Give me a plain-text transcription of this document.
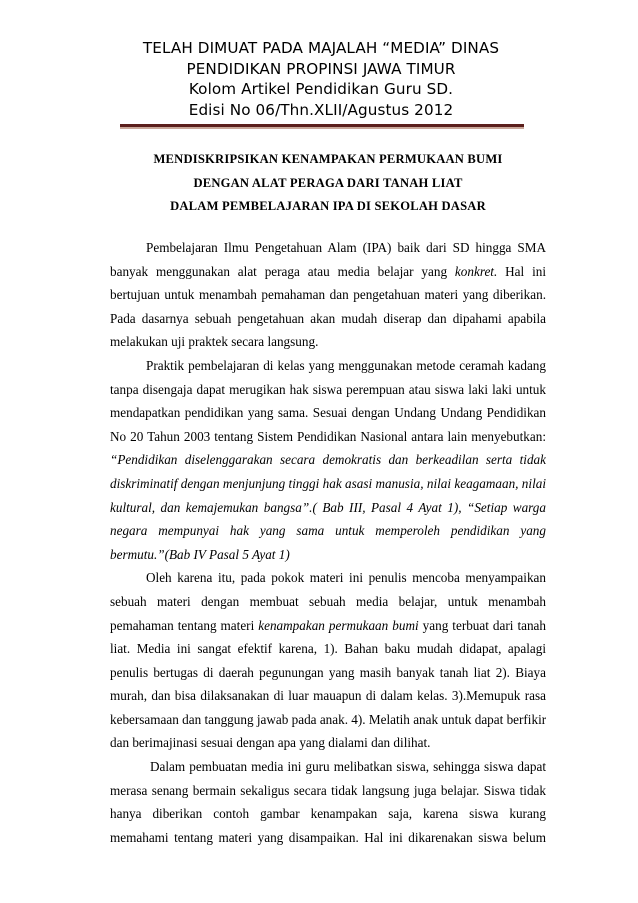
TELAH DIMUAT PADA MAJALAH “MEDIA” DINAS
PENDIDIKAN PROPINSI JAWA TIMUR
Kolom Artikel Pendidikan Guru SD.
Edisi No 06/Thn.XLII/Agustus 2012
MENDISKRIPSIKAN KENAMPAKAN PERMUKAAN BUMI
DENGAN ALAT PERAGA DARI TANAH LIAT
DALAM PEMBELAJARAN IPA DI SEKOLAH DASAR
Pembelajaran Ilmu Pengetahuan Alam (IPA) baik dari SD hingga SMA
banyak menggunakan alat peraga atau media belajar yang konkret. Hal ini
bertujuan untuk menambah pemahaman dan pengetahuan materi yang diberikan.
Pada dasarnya sebuah pengetahuan akan mudah diserap dan dipahami apabila
melakukan uji praktek secara langsung.
Praktik pembelajaran di kelas yang menggunakan metode ceramah kadang
tanpa disengaja dapat merugikan hak siswa perempuan atau siswa laki laki untuk
mendapatkan pendidikan yang sama. Sesuai dengan Undang Undang Pendidikan
No 20 Tahun 2003 tentang Sistem Pendidikan Nasional antara lain menyebutkan:
“Pendidikan diselenggarakan secara demokratis dan berkeadilan serta tidak
diskriminatif dengan menjunjung tinggi hak asasi manusia, nilai keagamaan, nilai
kultural, dan kemajemukan bangsa”.( Bab III, Pasal 4 Ayat 1), “Setiap warga
negara mempunyai hak yang sama untuk memperoleh pendidikan yang
bermutu.”(Bab IV Pasal 5 Ayat 1)
Oleh karena itu, pada pokok materi ini penulis mencoba menyampaikan
sebuah materi dengan membuat sebuah media belajar, untuk menambah
pemahaman tentang materi kenampakan permukaan bumi yang terbuat dari tanah
liat. Media ini sangat efektif karena, 1). Bahan baku mudah didapat, apalagi
penulis bertugas di daerah pegunungan yang masih banyak tanah liat 2). Biaya
murah, dan bisa dilaksanakan di luar mauapun di dalam kelas. 3).Memupuk rasa
kebersamaan dan tanggung jawab pada anak. 4). Melatih anak untuk dapat berfikir
dan berimajinasi sesuai dengan apa yang dialami dan dilihat.
Dalam pembuatan media ini guru melibatkan siswa, sehingga siswa dapat
merasa senang bermain sekaligus secara tidak langsung juga belajar. Siswa tidak
hanya diberikan contoh gambar kenampakan saja, karena siswa kurang
memahami tentang materi yang disampaikan. Hal ini dikarenakan siswa belum
